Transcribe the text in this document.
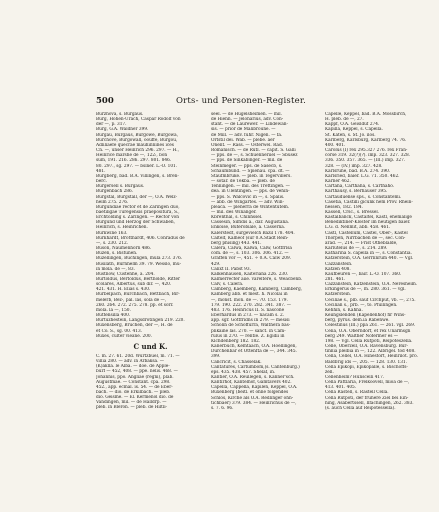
500	Orts- und Personen-Register.
Burzhova, s. Burgaus.
Burg, Hohen-Urach, Caspar Rödolf von
der —, p. 317.
Burg, G.A. Waldner 399.
Burgau, Burgaus, Burgowe, Burgowa,
Burchove, Burgowall, oouffe, Burgou,
Adliliaefe quecrae mauhinnines ices
Cn. —, unser Heinrich 296. 297. — H.,
Heinrice marshe de —, 122:, bon
sum, 191. 216. 286. 297. 801. 846.
80. 297., sg. 297. — bsiner. L.-O. 101.
481.
Burgberg, bad. B.A. Villingen, s. Bren-
berc.
Burgersell s. Burgaus.
Burgenbach 286.
Burgstal, Burgstall, der —, O.A. Welz-
heim 275. 276.
Burgundiae rector et de Zaringen duo,
baetiligae Turegensis praepositura, S.,
Erchtolding s. Zaringen. — Rector von
Burgund und Herzog der Schwaben,
Heinrich, s. Heinrichen.
Burkwine 163.
Burkhardt, Brotthardt, 406. Conradus de
—, s. 230. 212.
Buson, Naumenhorn 486.
Buzen, s. Bistunen.
Buzellingen, Büchingen, mula 273. 376.
Busilath, Burnhelm 39. 79. Wesslo, mu-
in mola. de —, 83.
Bustnow, Custenhe, a. 204.
Burtoldus, Bertoldus, Bertholde, Ritter
scolares, Albertus, sub dir. —, 420.
421. 431. H. Elias s. 430.
Burbelpach, Bürchbach, Bettbach, Bir-
melerb, Bez-, pal. las, sola de —,
260. 264. 272. 275. 278. pp. et sorr.
mola. la —, 150.
Buttensilla 400.
Burtuzhestein, Langsdrotingen 219. 220.
Buxensberg, Bruchen, der —, H. de
et Co. S., sg. 00. 413.
Buxes, culter vieane. 200.
C und K.
C. m. 27. 61. 20d. Wurtzbuel, m. 71. —
villia 280. — adv. in Arbaksa. —
(K)aklla. le Alba. — doe. de Apple-
burf — 452, 408. — ppe. nelis. 468. —
Johannis, ppo. Angliae (regni), plab.
Augustmae. — Constant. cpa. 298.
452., app. ecmal. is. 54. — de Eber-
bach. — dio. de Erkilbach. — pleb.
dio. Geisme. — El. Kermenol dio. de
Vandingen, mil. — de Halldrp. —
pleb. in Bleron. — pleb. de Hiltli-
seel. — de Hugelsheimen. — mil.
de Hienn. — Jeloharius, adv. Con-
stant. — de Laurewer. — Lindewan-
sis. — prior de Malibroune. —
de Mill. — adv. fuhr. Nigen. — fa.
Ortstil dei. Wab. — plebe. aer
Onent. — Rass. — Osterwel. Rad.
Romanisch. — de Rütl. — capit. S. Galli
— pps. de —, s. Schuenneriiel — Sbusez
— pps. de Sinkabinger. — mil. de
Steinmeger. — pps. de Sasecb, s.
Schaumbund. — Spienau. cpa. dt. —
Staufmbrüke. — pleb. in Tegervillers.
— sotar. de Tekba. — pleb. de
Tenningen. — mil. des Trettingen. —
dea. in Ulentingen. — pps. de Vehin-
— pps. S. Walcovic in —, s. Spalis.
— abb. de Wingartes. — adv. Win-
pleaca. — plenerra de Wintentutem.
— mil. des Winanger.
Kbrenthal, s. Chinhssel.
Cassesin, Silfidis a., dar. Augustana.
Enkoise, Buterobiale, a. Casserna.
Kalerstedt, surgevielch Bazil 178. 404.
Caltelf, Kälheof (sur 0.A.Stadt Rein-
berg phising) 443. 441.
Calera, Calwa, Kalwa, Calw, Gottfrlsa
com. de —, s. 103. 306. 306. 412. —
Graffen vor —, 451. ÷ 0.A. Calw 209.
429.
Calixt II. Pabst 93.
Kalkenhausen, Kaiteriana 226. 230.
Kalmerrecter aiie. vareltere, s. Weacbenb.
Calv, s. Calera.
Camberg, Kaemberg, Kamberg, Camberg,
Kamberg abb. et mest. h. Nicolai in
—, monst. mon. de —. 70. 153. 179.
179. 190. 222. 270. 282. 341. 387. —
483. 176. Heinricus II. S. nascone
Eberhardus in 273. — nacam s. 2.
app. sgr. Gottfridns in 279. — mesisi
Schölin de Schöffurra, Walthera bas-
plikaine las. 270. — sanct. in Cam-
rulus in 270. — rentle. Z. Egidii in
Klchdenberg 182. 182.
Kanerbuch, Kemtaach, O.A. Hoellingen,
Durchenbar et Ottenfta de —, 344. 345.
399.
Cancricit, s. Chasselak.
Cantatures, Cartumbom,(s. Cantenburg.)
eps. 435. 438. 457. Shelaf, in.
Kantier, O.A. Reüllegen, s. Kanner'sch.
Kantirhof, Kantelhof, Gamtavers 402.
Capella, Cappella, Kapilen, Keppel, O.A.
Buxenberg (beitl. et ohne folgendes
Schlos, Kirche als O.A. Redlinger ohn-
tichbaer) 379. 384. — Heinrichus de —,
s. 7. 6. 96.
Capelle, Keppel, bad. B.A. Mossbirch,
H. pleb. de —, 27.
Kappf, O.A. Geislduf 274.
Kapilla, Keppel, s. Capella.
St. Katen, s. St. Jo. ilos.
Karlberg, Karlsburg, Karlberg 74. 76.
400. 401.
Carolus (I) rex 295.327 276. rex Fran-
corse 319. 32(?)(?). imp. 323. 327. 328.
336. 350. 357. 365. — (III.) imp. 327.
328. — (IV.) imp. 327. 428.
Karlsruhe, bad. B.A. 274. 390.
Karlsried, baier. L.G. 71. 350. 462.
Karner 462.
Cartaha, Carthaha, s. Carthaho.
Karthausy, s. Berhauser 395.
Cartauduense sps., s. Constantemi.
Casetia, Castilli gicunk hem Prov. Rhein-
hessen, 182. 184.
Kassell, Crsc., s. Bressel.
Kastalbanck, Castaltel, Kastl, ehemalige
Benediktiner-Kloster im heutigen baier.
L.G. d. Nenmit, abb. 458. 461.
Castl, Castellum, Castel, Ober-, Kastel
Thorpen, Nirrbachen de —, sec. Con-
arad. —, 214. — Frist Otheblalde,
Karlutelus de —, s. 214. 289.
Katharina S. capella in —, s. Constantia.
Katzerstein, O.A. Gerrlinrum 440. — Vgl.
Cazzanstein.
Katzen 408.
Kaufbeuren —, bair. L.-O. 107. 360.
281. 461.
Cazzanstein, Katzenstein, O.A. Neresheim.
Erkingerus de —, m. 280. 361. — vgl.
Katzerstein.
Ceciliae s., plb. sauf Circhput, vb. —, 275.
Cecilian s., prb. —, to. Pfullingen.
Kehhin, s. Kahna.
Keiingslenden (Kapellenhof) fir Wins-
berg, pyrus. dem.ia Rabenwe.
Celestinus (III.) ppa 261. — 261. vgl. 269.
Celia, O.A. Oberndorf, et rex Unarmsgn
berg 249. Walther Nofermer es —
198. — Vgl. Cella Rutpoti, Reipoteszella.
Celle, Oberzell, O.A. Ravensburg. Bur-
tinnia plelbia in —, 122. Albrigel. tod 408.
Cella, Cellel, O.A. Hinestort, Heinrilot. pro.
Baldbrig ids —, 205. — 128. 130. 131.
Cella Epikopi, Epikopalle, s. Bischoffs-
zell.
Cellenheim? Hunscelli 417.
Cella Pattlaria, Frelkoovell, mioa de —,
413. 401. 405.
Cella Rastell, s. Rastell Cella.
Cella Rutpoti, der frühere Ziel bei Ein-
hing, Asabertssell, Ilfachingen, 262. 383.
(s. auch Cella auf Reipotessella).
